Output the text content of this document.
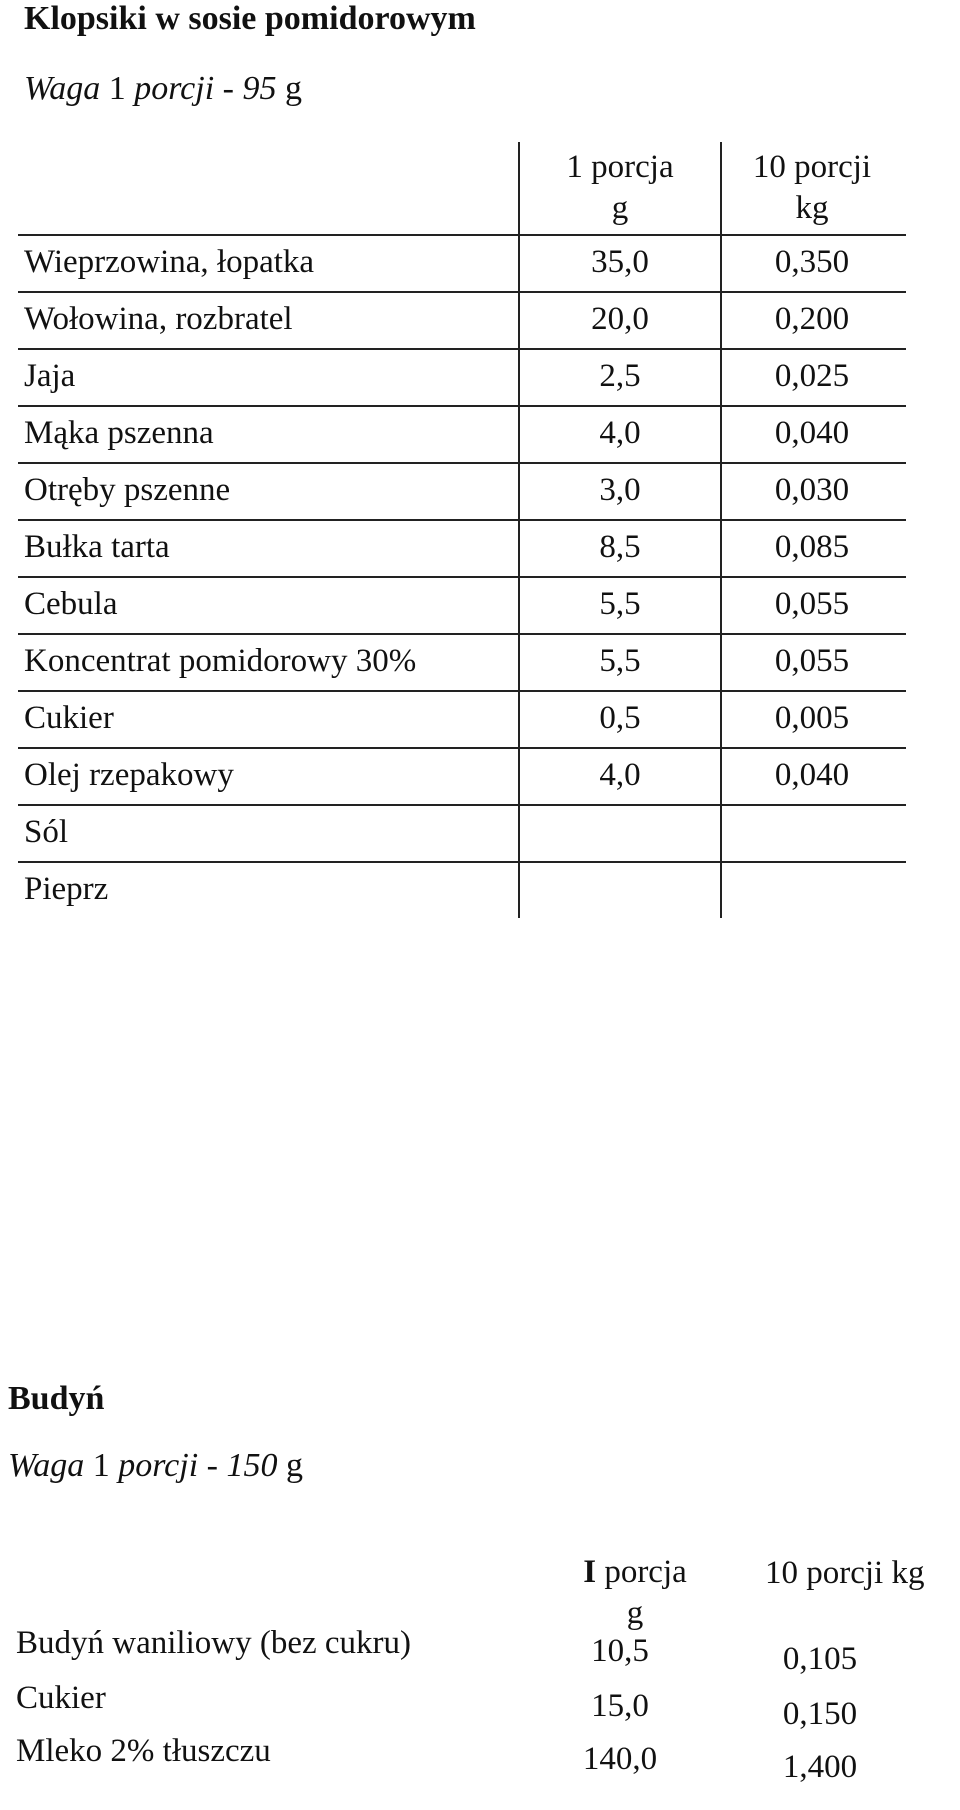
Klopsiki w sosie pomidorowym
Waga 1 porcji - 95 g
1 porcja
g
10 porcji
kg
Wieprzowina, łopatka	35,0	0,350
Wołowina, rozbratel	20,0	0,200
Jaja	2,5	0,025
Mąka pszenna	4,0	0,040
Otręby pszenne	3,0	0,030
Bułka tarta	8,5	0,085
Cebula	5,5	0,055
Koncentrat pomidorowy 30%	5,5	0,055
Cukier	0,5	0,005
Olej rzepakowy	4,0	0,040
Sól
Pieprz
Budyń
Waga 1 porcji - 150 g
I porcja
g
10 porcji kg
Budyń waniliowy (bez cukru)	10,5	0,105
Cukier	15,0	0,150
Mleko 2% tłuszczu	140,0	1,400
